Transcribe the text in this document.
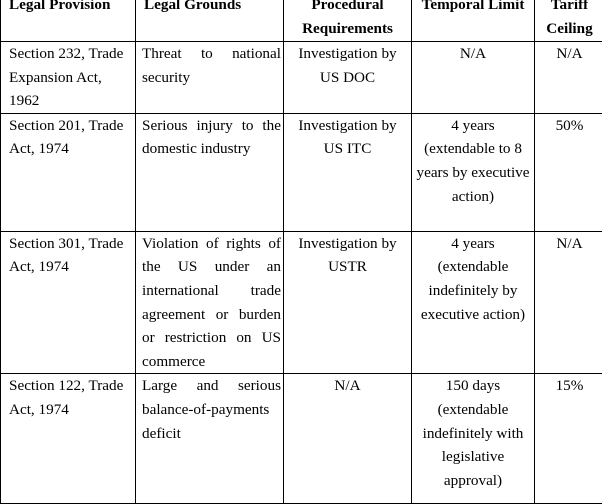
Legal Provision	Legal Grounds	Procedural Requirements	Temporal Limit	Tariff Ceiling
Section 232, Trade Expansion Act, 1962	Threat to national security	Investigation by US DOC	N/A	N/A
Section 201, Trade Act, 1974	Serious injury to the domestic industry	Investigation by US ITC	4 years (extendable to 8 years by executive action)	50%
Section 301, Trade Act, 1974	Violation of rights of the US under an international trade agreement or burden or restriction on US commerce	Investigation by USTR	4 years (extendable indefinitely by executive action)	N/A
Section 122, Trade Act, 1974	Large and serious balance-of-payments deficit	N/A	150 days (extendable indefinitely with legislative approval)	15%
